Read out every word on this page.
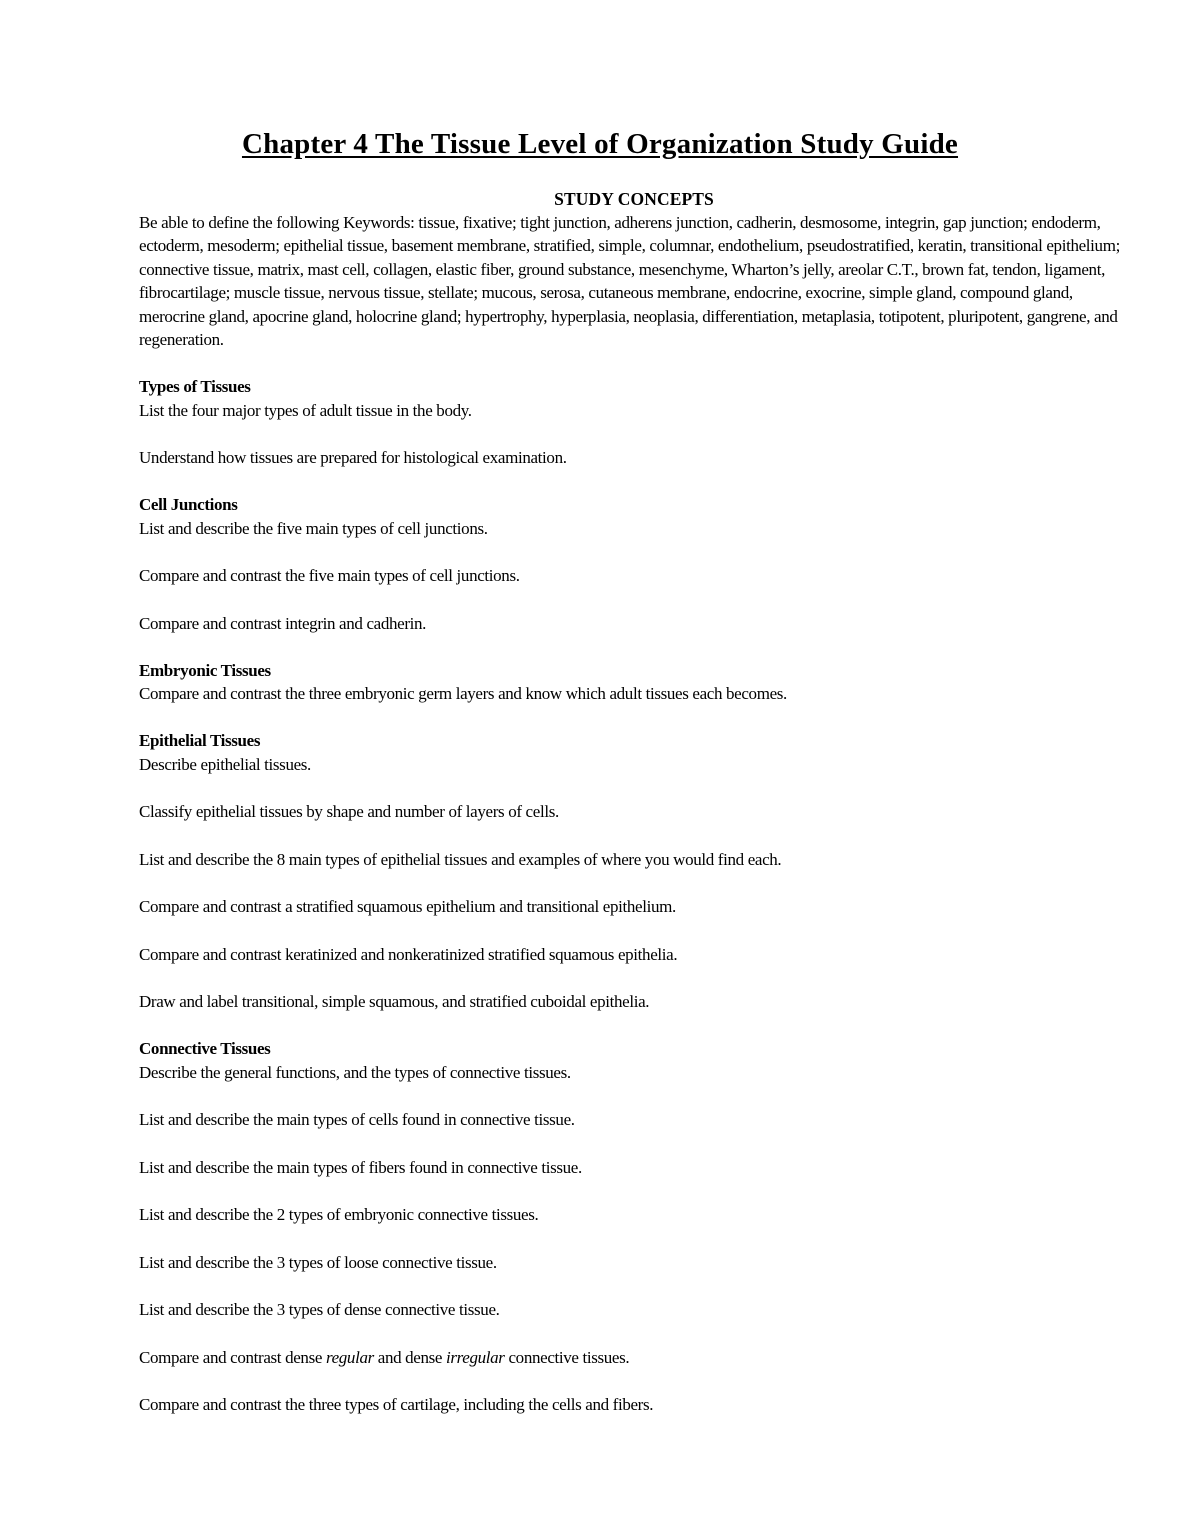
Chapter 4 The Tissue Level of Organization Study Guide

STUDY CONCEPTS

Be able to define the following Keywords: tissue, fixative; tight junction, adherens junction, cadherin, desmosome, integrin, gap junction; endoderm, ectoderm, mesoderm; epithelial tissue, basement membrane, stratified, simple, columnar, endothelium, pseudostratified, keratin, transitional epithelium; connective tissue, matrix, mast cell, collagen, elastic fiber, ground substance, mesenchyme, Wharton’s jelly, areolar C.T., brown fat, tendon, ligament, fibrocartilage; muscle tissue, nervous tissue, stellate; mucous, serosa, cutaneous membrane, endocrine, exocrine, simple gland, compound gland, merocrine gland, apocrine gland, holocrine gland; hypertrophy, hyperplasia, neoplasia, differentiation, metaplasia, totipotent, pluripotent, gangrene, and regeneration.

Types of Tissues

List the four major types of adult tissue in the body.

Understand how tissues are prepared for histological examination.

Cell Junctions

List and describe the five main types of cell junctions.

Compare and contrast the five main types of cell junctions.

Compare and contrast integrin and cadherin.

Embryonic Tissues

Compare and contrast the three embryonic germ layers and know which adult tissues each becomes.

Epithelial Tissues

Describe epithelial tissues.

Classify epithelial tissues by shape and number of layers of cells.

List and describe the 8 main types of epithelial tissues and examples of where you would find each.

Compare and contrast a stratified squamous epithelium and transitional epithelium.

Compare and contrast keratinized and nonkeratinized stratified squamous epithelia.

Draw and label transitional, simple squamous, and stratified cuboidal epithelia.

Connective Tissues

Describe the general functions, and the types of connective tissues.

List and describe the main types of cells found in connective tissue.

List and describe the main types of fibers found in connective tissue.

List and describe the 2 types of embryonic connective tissues.

List and describe the 3 types of loose connective tissue.

List and describe the 3 types of dense connective tissue.

Compare and contrast dense regular and dense irregular connective tissues.

Compare and contrast the three types of cartilage, including the cells and fibers.
